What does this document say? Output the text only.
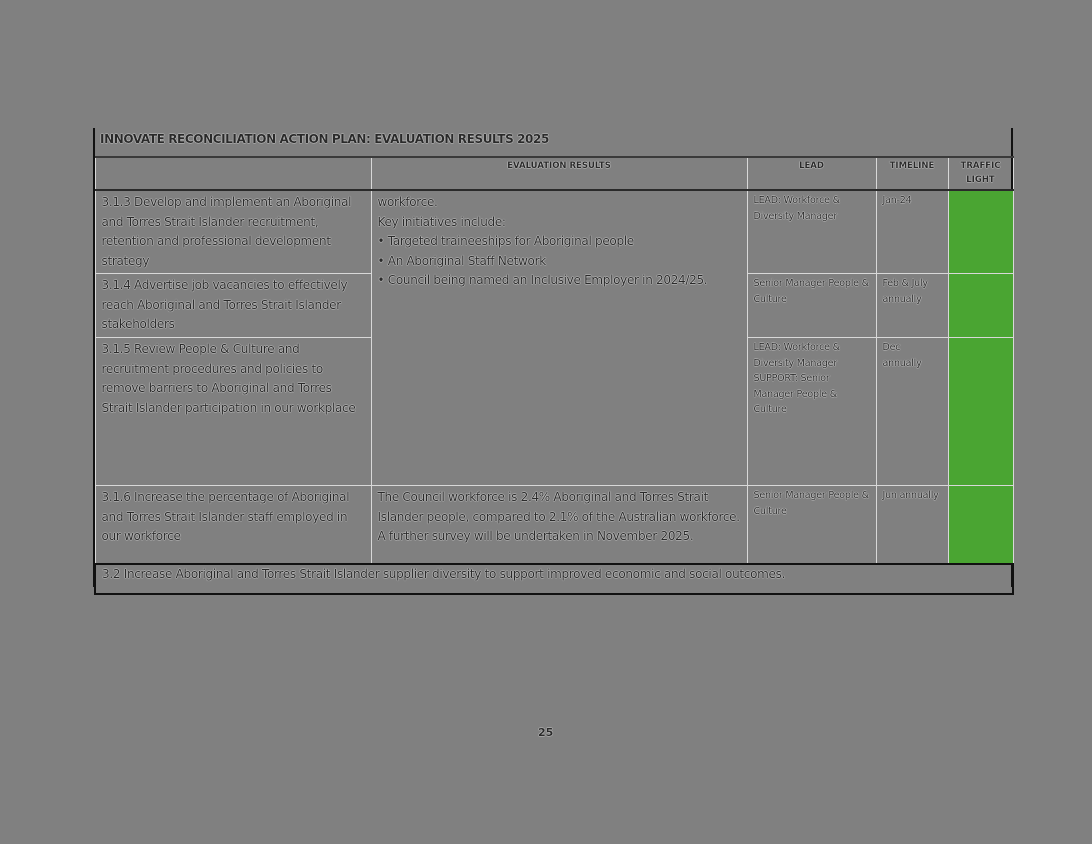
INNOVATE RECONCILIATION ACTION PLAN: EVALUATION RESULTS 2025
	EVALUATION RESULTS	LEAD	TIMELINE	TRAFFIC LIGHT
3.1.3 Develop and implement an Aboriginal and Torres Strait Islander recruitment, retention and professional development strategy	workforce.
Key initiatives include:
• Targeted traineeships for Aboriginal people
• An Aboriginal Staff Network
• Council being named an Inclusive Employer in 2024/25.	LEAD: Workforce & Diversity Manager	Jan-24	
3.1.4 Advertise job vacancies to effectively reach Aboriginal and Torres Strait Islander stakeholders		Senior Manager People & Culture	Feb & July annually	
3.1.5 Review People & Culture and recruitment procedures and policies to remove barriers to Aboriginal and Torres Strait Islander participation in our workplace		LEAD: Workforce & Diversity Manager SUPPORT: Senior Manager People & Culture	Dec annually	
3.1.6 Increase the percentage of Aboriginal and Torres Strait Islander staff employed in our workforce	The Council workforce is 2.4% Aboriginal and Torres Strait Islander people, compared to 2.1% of the Australian workforce. A further survey will be undertaken in November 2025.	Senior Manager People & Culture	Jun annually	
3.2 Increase Aboriginal and Torres Strait Islander supplier diversity to support improved economic and social outcomes.				
25
